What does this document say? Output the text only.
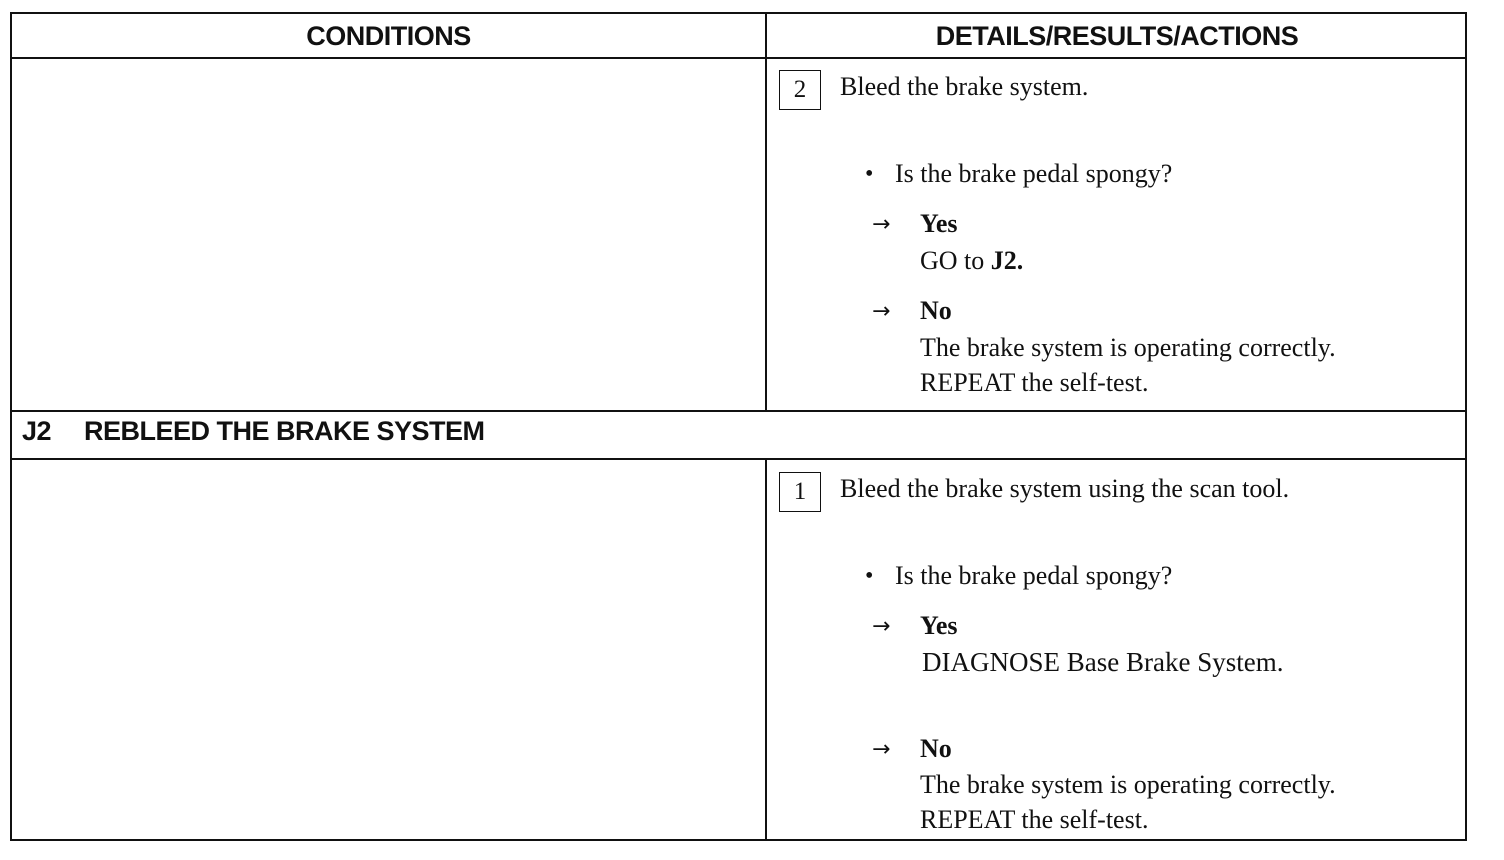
CONDITIONS	DETAILS/RESULTS/ACTIONS
2	Bleed the brake system.
• Is the brake pedal spongy?
→ Yes
GO to J2.
→ No
The brake system is operating correctly.
REPEAT the self-test.
J2 REBLEED THE BRAKE SYSTEM
1	Bleed the brake system using the scan tool.
• Is the brake pedal spongy?
→ Yes
DIAGNOSE Base Brake System.
→ No
The brake system is operating correctly.
REPEAT the self-test.
